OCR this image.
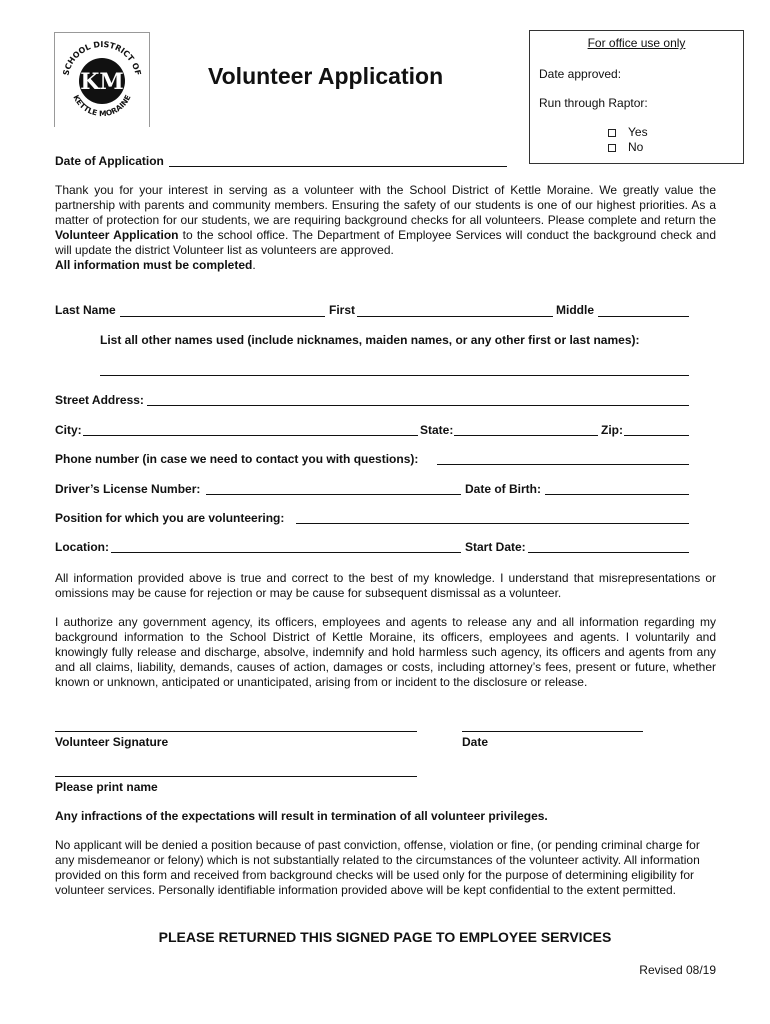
SCHOOL DISTRICT OF
KETTLE MORAINE
KM	Volunteer Application
For office use only
Date approved:
Run through Raptor:
Yes
No
Date of Application

Thank you for your interest in serving as a volunteer with the School District of Kettle Moraine. We greatly value the partnership with parents and community members. Ensuring the safety of our students is one of our highest priorities. As a matter of protection for our students, we are requiring background checks for all volunteers. Please complete and return the Volunteer Application to the school office. The Department of Employee Services will conduct the background check and will update the district Volunteer list as volunteers are approved.

All information must be completed.

Last Name	First	Middle
List all other names used (include nicknames, maiden names, or any other first or last names):
Street Address:
City:	State:	Zip:
Phone number (in case we need to contact you with questions):
Driver’s License Number:	Date of Birth:
Position for which you are volunteering:
Location:	Start Date:

All information provided above is true and correct to the best of my knowledge. I understand that misrepresentations or omissions may be cause for rejection or may be cause for subsequent dismissal as a volunteer.

I authorize any government agency, its officers, employees and agents to release any and all information regarding my background information to the School District of Kettle Moraine, its officers, employees and agents. I voluntarily and knowingly fully release and discharge, absolve, indemnify and hold harmless such agency, its officers and agents from any and all claims, liability, demands, causes of action, damages or costs, including attorney’s fees, present or future, whether known or unknown, anticipated or unanticipated, arising from or incident to the disclosure or release.

Volunteer Signature	Date
Please print name
Any infractions of the expectations will result in termination of all volunteer privileges.

No applicant will be denied a position because of past conviction, offense, violation or fine, (or pending criminal charge for any misdemeanor or felony) which is not substantially related to the circumstances of the volunteer activity. All information provided on this form and received from background checks will be used only for the purpose of determining eligibility for volunteer services. Personally identifiable information provided above will be kept confidential to the extent permitted.

PLEASE RETURNED THIS SIGNED PAGE TO EMPLOYEE SERVICES
Revised 08/19
